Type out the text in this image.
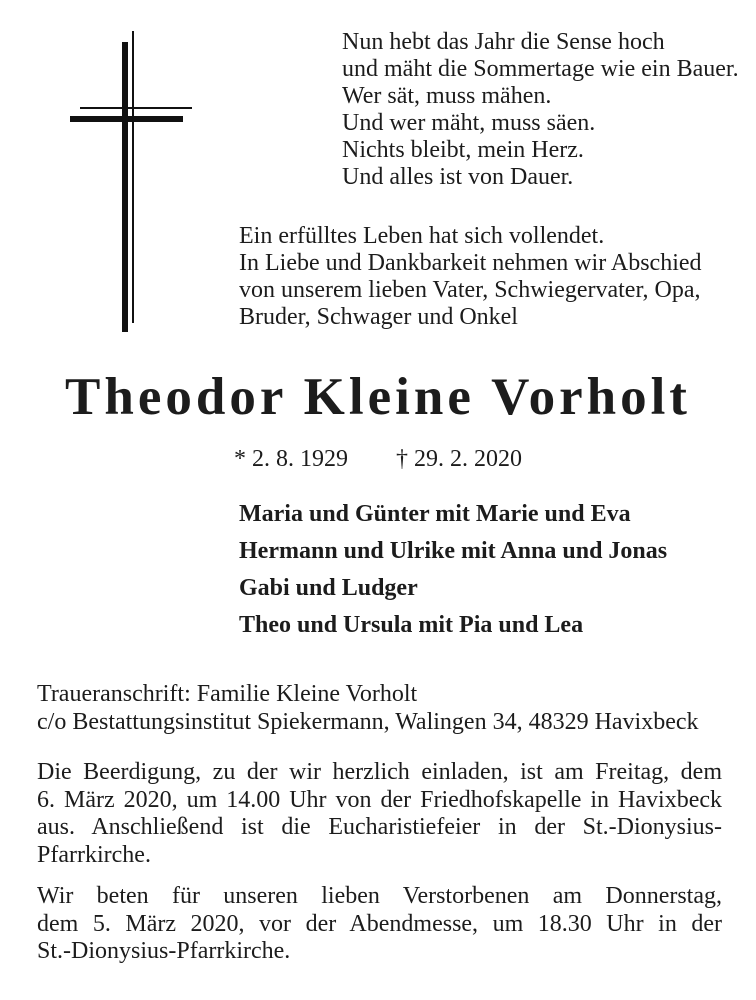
Nun hebt das Jahr die Sense hoch
und mäht die Sommertage wie ein Bauer.
Wer sät, muss mähen.
Und wer mäht, muss säen.
Nichts bleibt, mein Herz.
Und alles ist von Dauer.
Ein erfülltes Leben hat sich vollendet.
In Liebe und Dankbarkeit nehmen wir Abschied
von unserem lieben Vater, Schwiegervater, Opa,
Bruder, Schwager und Onkel
Theodor Kleine Vorholt
* 2. 8. 1929 † 29. 2. 2020
Maria und Günter mit Marie und Eva
Hermann und Ulrike mit Anna und Jonas
Gabi und Ludger
Theo und Ursula mit Pia und Lea
Traueranschrift: Familie Kleine Vorholt
c/o Bestattungsinstitut Spiekermann, Walingen 34, 48329 Havixbeck
Die Beerdigung, zu der wir herzlich einladen, ist am Freitag, dem
6. März 2020, um 14.00 Uhr von der Friedhofskapelle in Havixbeck
aus. Anschließend ist die Eucharistiefeier in der St.-Dionysius-
Pfarrkirche.
Wir beten für unseren lieben Verstorbenen am Donnerstag,
dem 5. März 2020, vor der Abendmesse, um 18.30 Uhr in der
St.-Dionysius-Pfarrkirche.
